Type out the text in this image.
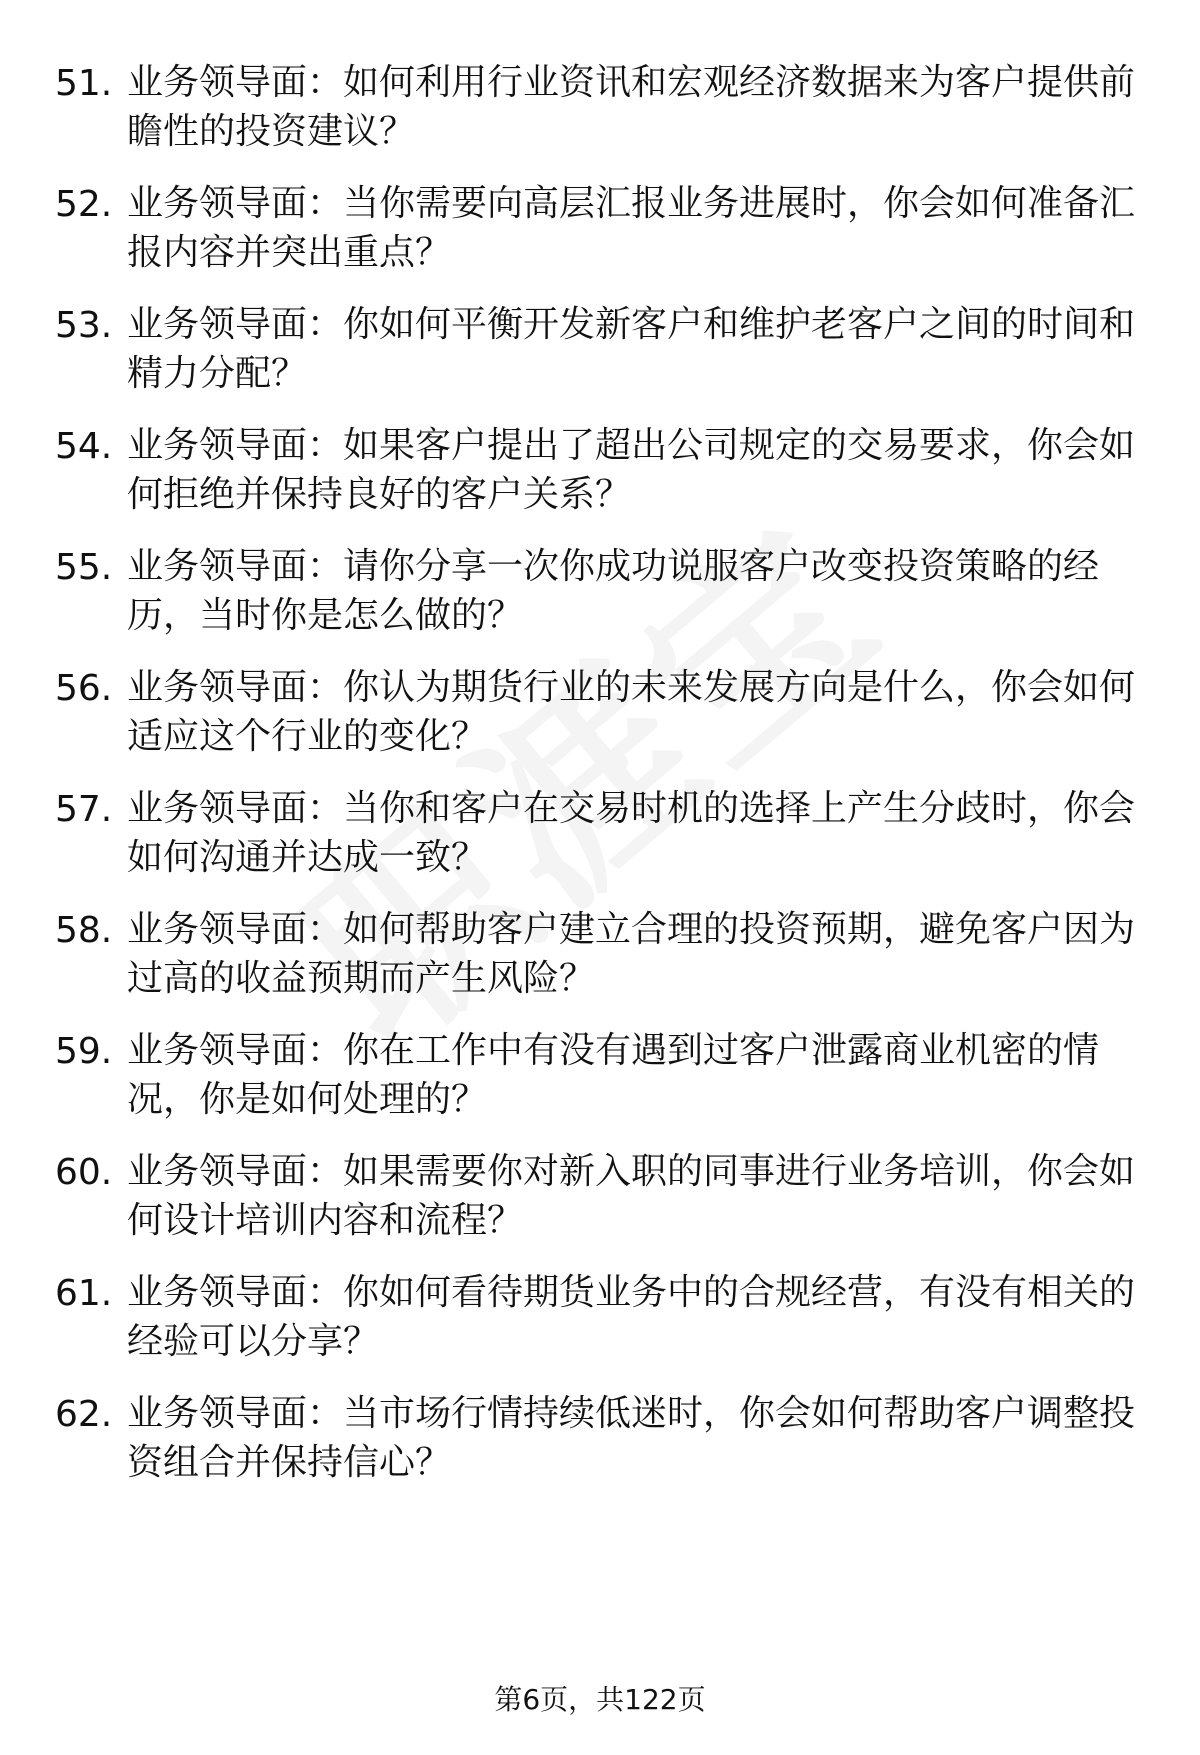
51. 业务领导面：如何利用行业资讯和宏观经济数据来为客户提供前瞻性的投资建议？
52. 业务领导面：当你需要向高层汇报业务进展时，你会如何准备汇报内容并突出重点？
53. 业务领导面：你如何平衡开发新客户和维护老客户之间的时间和精力分配？
54. 业务领导面：如果客户提出了超出公司规定的交易要求，你会如何拒绝并保持良好的客户关系？
55. 业务领导面：请你分享一次你成功说服客户改变投资策略的经历，当时你是怎么做的？
56. 业务领导面：你认为期货行业的未来发展方向是什么，你会如何适应这个行业的变化？
57. 业务领导面：当你和客户在交易时机的选择上产生分歧时，你会如何沟通并达成一致？
58. 业务领导面：如何帮助客户建立合理的投资预期，避免客户因为过高的收益预期而产生风险？
59. 业务领导面：你在工作中有没有遇到过客户泄露商业机密的情况，你是如何处理的？
60. 业务领导面：如果需要你对新入职的同事进行业务培训，你会如何设计培训内容和流程？
61. 业务领导面：你如何看待期货业务中的合规经营，有没有相关的经验可以分享？
62. 业务领导面：当市场行情持续低迷时，你会如何帮助客户调整投资组合并保持信心？
第6页，共122页
